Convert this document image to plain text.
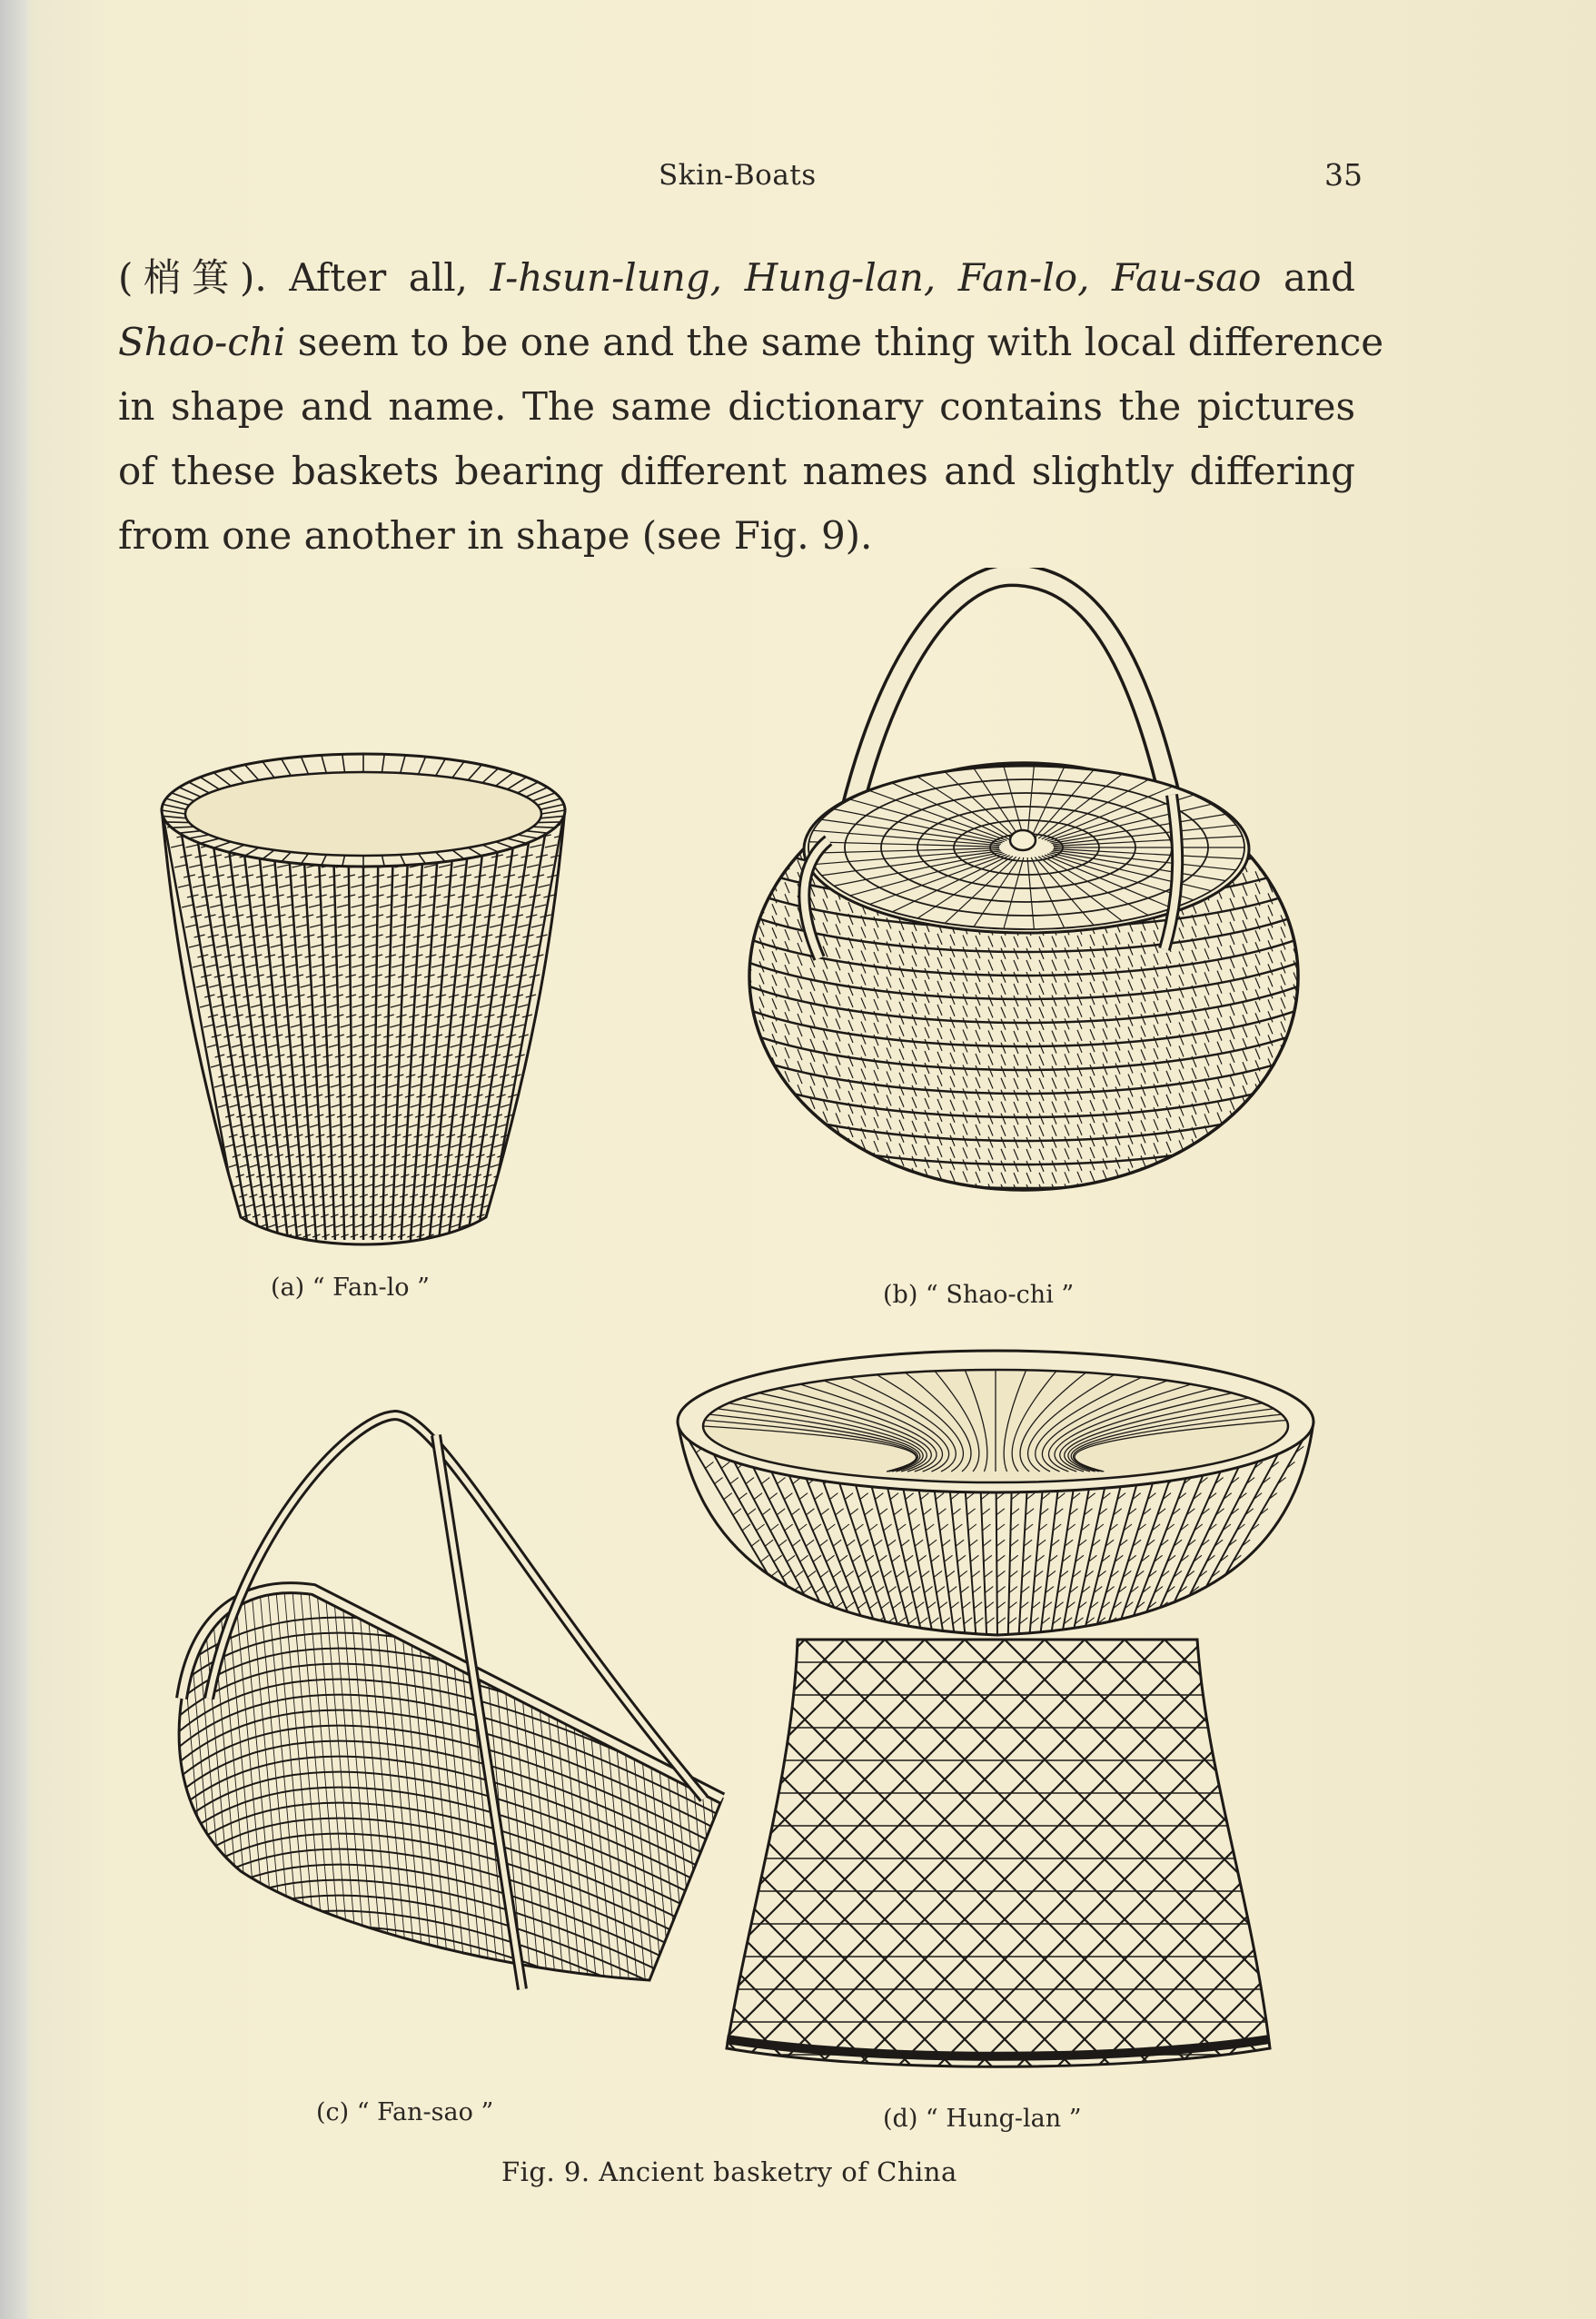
Skin-Boats	35
(梢箕). After all, I-hsun-lung, Hung-lan, Fan-lo, Fau-sao and
Shao-chi seem to be one and the same thing with local difference
in shape and name. The same dictionary contains the pictures
of these baskets bearing different names and slightly differing
from one another in shape (see Fig. 9).
(a) “ Fan-lo ”	(b) “ Shao-chi ”
(c) “ Fan-sao ”	(d) “ Hung-lan ”
Fig. 9. Ancient basketry of China
